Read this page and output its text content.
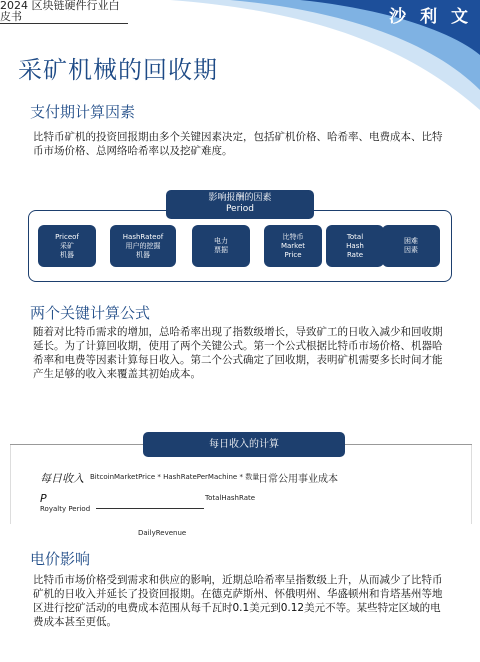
2024 区块链硬件行业白皮书	沙 利 文
采矿机械的回收期
支付期计算因素
比特币矿机的投资回报期由多个关键因素决定，包括矿机价格、哈希率、电费成本、比特币市场价格、总网络哈希率以及挖矿难度。
影响报酬的因素
Period
Priceof
采矿
机器
HashRateof
用户的挖掘
机器
电力
票据
比特币
Market
Price
Total
Hash
Rate
困难
因素
两个关键计算公式
随着对比特币需求的增加，总哈希率出现了指数级增长，导致矿工的日收入减少和回收期延长。为了计算回收期，使用了两个关键公式。第一个公式根据比特币市场价格、机器哈希率和电费等因素计算每日收入。第二个公式确定了回收期，表明矿机需要多长时间才能产生足够的收入来覆盖其初始成本。
每日收入的计算
每日收入 BitcoinMarketPrice * HashRatePerMachine * 数量
日常公用事业成本
P
Royalty Period
TotalHashRate
DailyRevenue
电价影响
比特币市场价格受到需求和供应的影响，近期总哈希率呈指数级上升，从而减少了比特币矿机的日收入并延长了投资回报期。在德克萨斯州、怀俄明州、华盛顿州和肯塔基州等地区进行挖矿活动的电费成本范围从每千瓦时0.1美元到0.12美元不等。某些特定区域的电费成本甚至更低。
